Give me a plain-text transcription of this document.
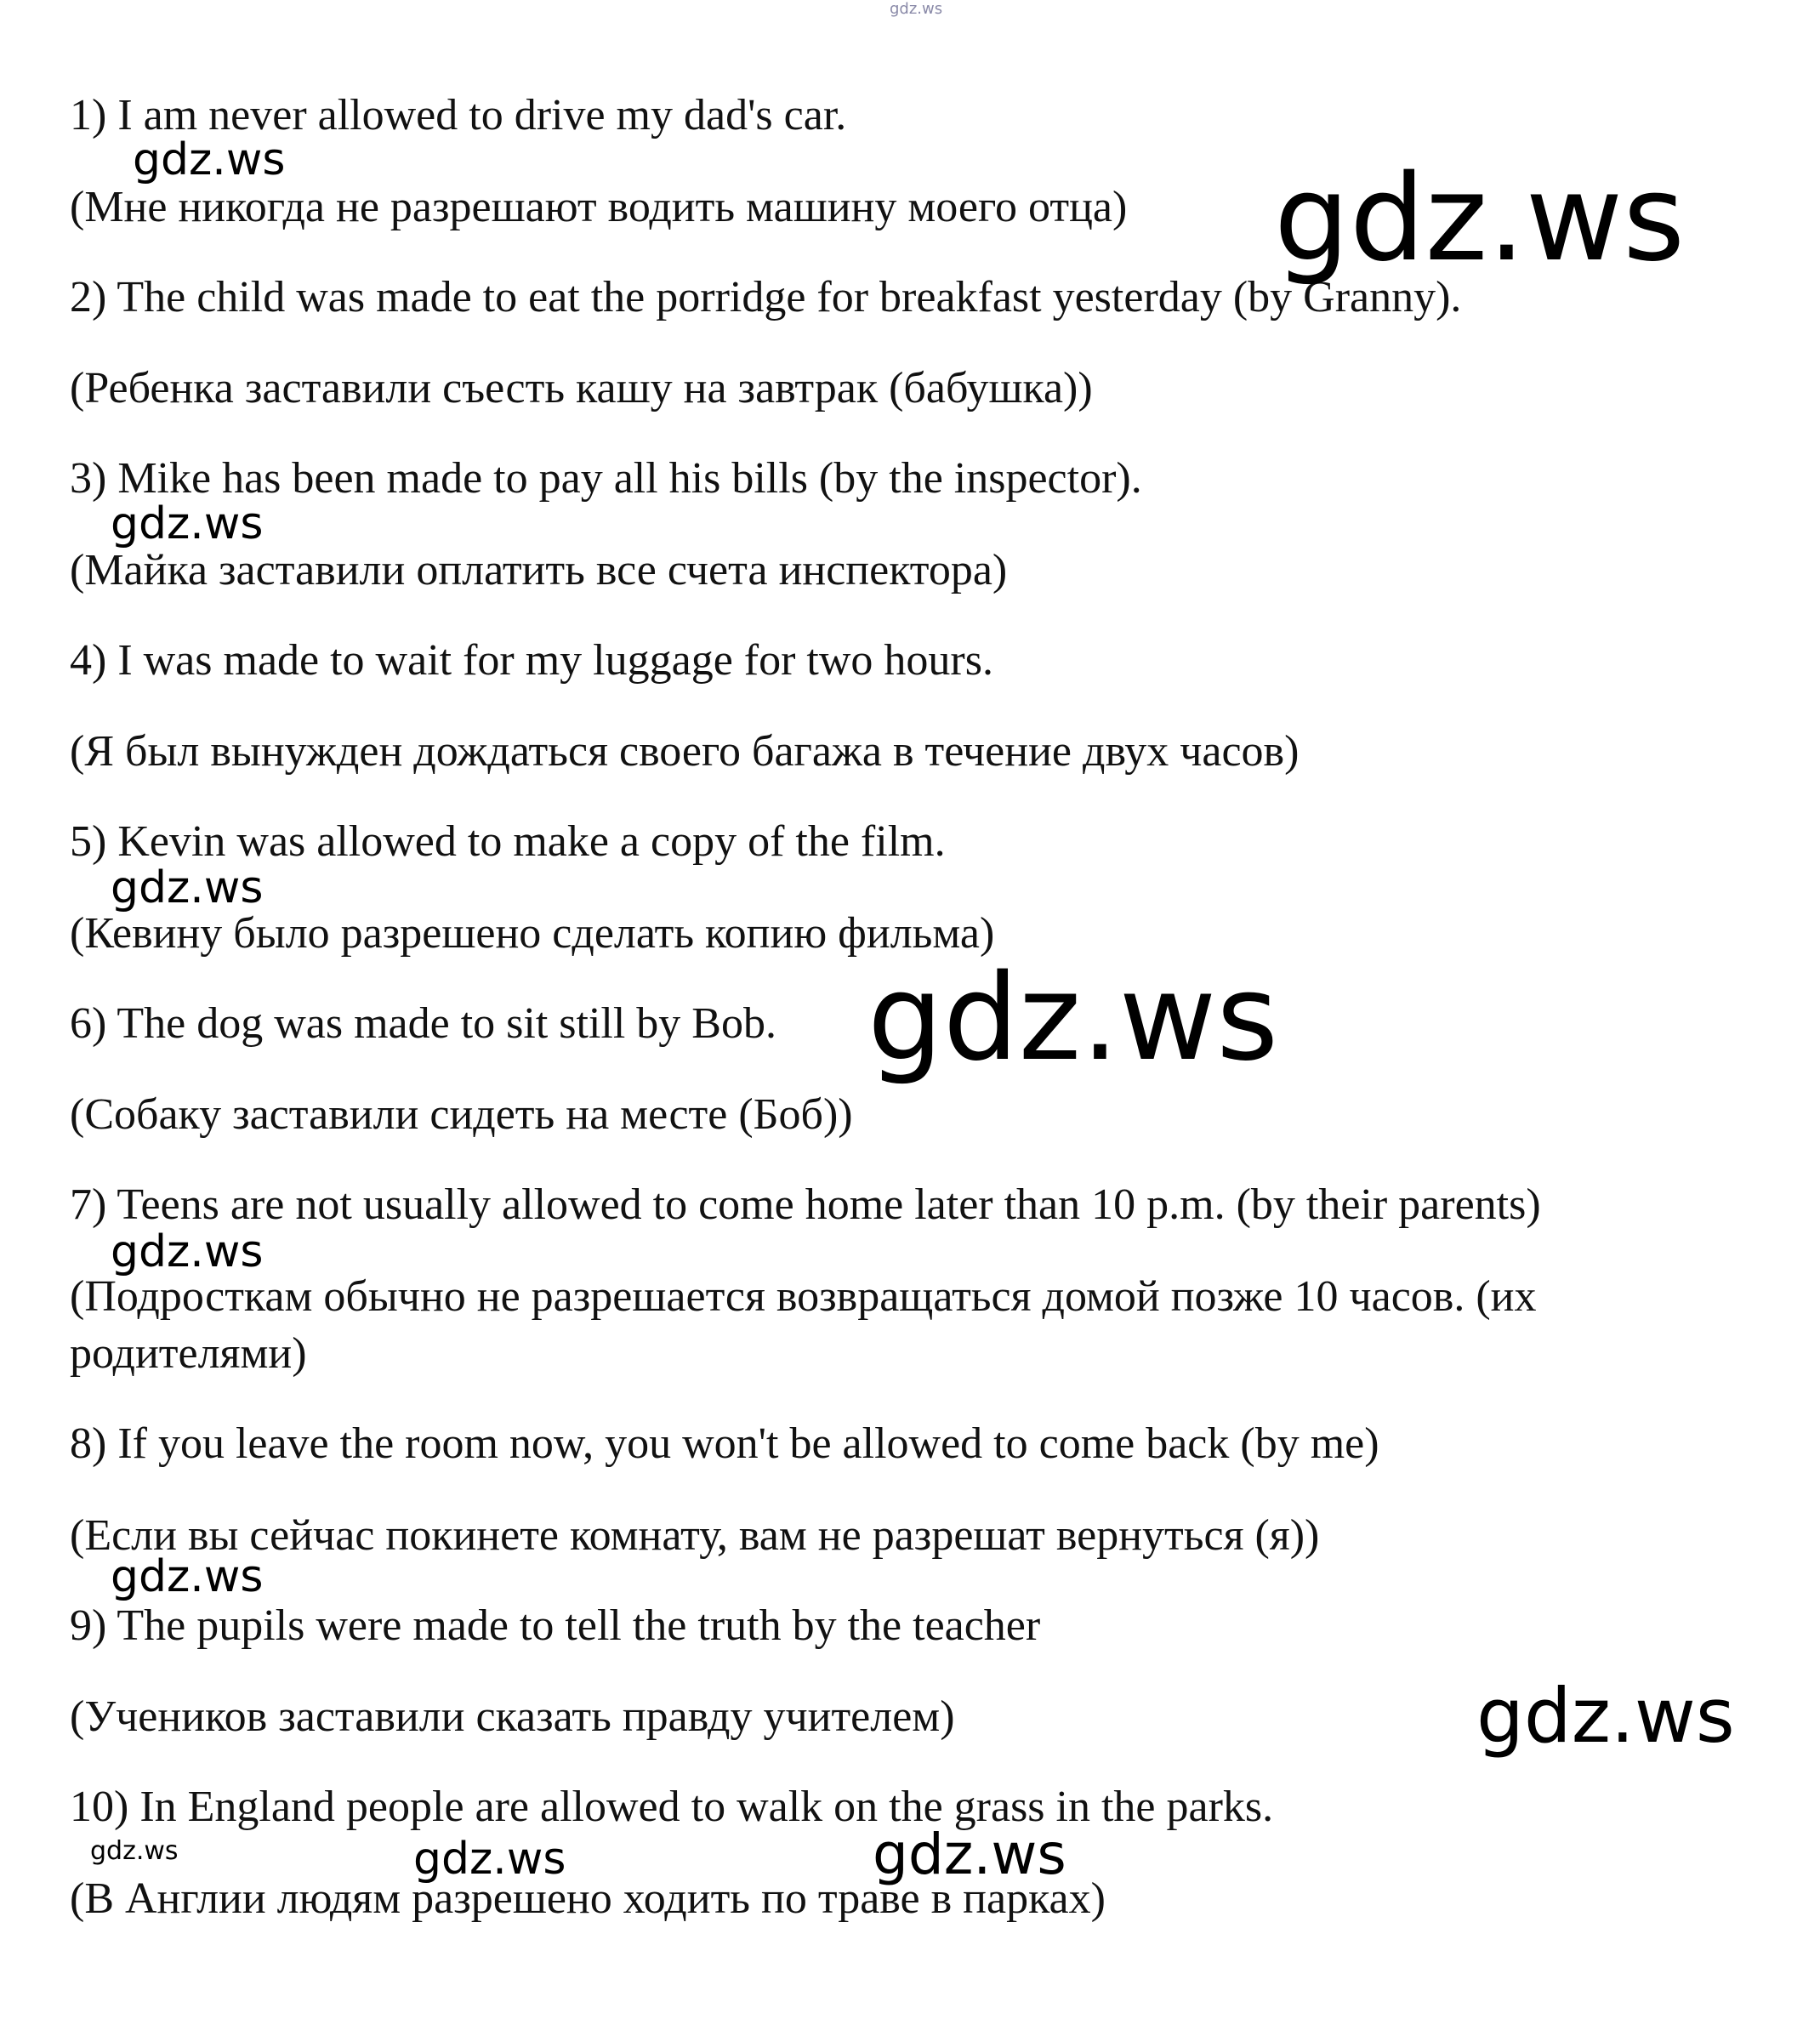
gdz.ws

1) I am never allowed to drive my dad's car.

(Мне никогда не разрешают водить машину моего отца)

2) The child was made to eat the porridge for breakfast yesterday (by Granny).

(Ребенка заставили съесть кашу на завтрак (бабушка))

3) Mike has been made to pay all his bills (by the inspector).

(Майка заставили оплатить все счета инспектора)

4) I was made to wait for my luggage for two hours.

(Я был вынужден дождаться своего багажа в течение двух часов)

5) Kevin was allowed to make a copy of the film.

(Кевину было разрешено сделать копию фильма)

6) The dog was made to sit still by Bob.

(Собаку заставили сидеть на месте (Боб))

7) Teens are not usually allowed to come home later than 10 p.m. (by their parents)

(Подросткам обычно не разрешается возвращаться домой позже 10 часов. (их

родителями)

8) If you leave the room now, you won't be allowed to come back (by me)

(Если вы сейчас покинете комнату, вам не разрешат вернуться (я))

9) The pupils were made to tell the truth by the teacher

(Учеников заставили сказать правду учителем)

10) In England people are allowed to walk on the grass in the parks.

(В Англии людям разрешено ходить по траве в парках)

gdz.ws	gdz.ws
gdz.ws
gdz.ws
gdz.ws
gdz.ws
gdz.ws
gdz.ws
gdz.ws	gdz.ws	gdz.ws
